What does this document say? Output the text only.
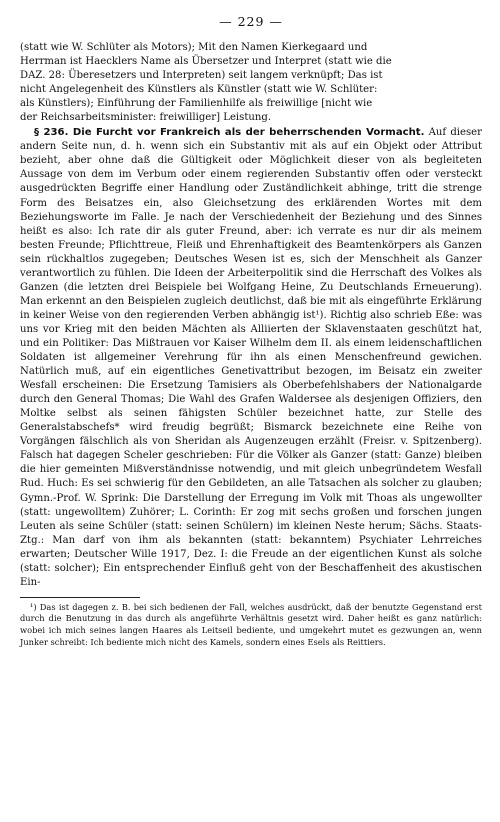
— 229 —

(statt wie W. Schlüter als Motors); Mit den Namen Kierkegaard und

Herrman ist Haecklers Name als Übersetzer und Interpret (statt wie die

DAZ. 28: Überesetzers und Interpreten) seit langem verknüpft; Das ist

nicht Angelegenheit des Künstlers als Künstler (statt wie W. Schlüter:

als Künstlers); Einführung der Familienhilfe als freiwillige [nicht wie

der Reichsarbeitsminister: freiwilliger] Leistung.

§ 236. Die Furcht vor Frankreich als der beherrschenden Vormacht. Auf dieser andern Seite nun, d. h. wenn sich ein Substantiv mit als auf ein Objekt oder Attribut bezieht, aber ohne daß die Gültigkeit oder Möglichkeit dieser von als begleiteten Aussage von dem im Verbum oder einem regierenden Substantiv offen oder versteckt ausgedrückten Begriffe einer Handlung oder Zuständlichkeit abhinge, tritt die strenge Form des Beisatzes ein, also Gleichsetzung des erklärenden Wortes mit dem Beziehungsworte im Falle. Je nach der Verschiedenheit der Beziehung und des Sinnes heißt es also: Ich rate dir als guter Freund, aber: ich verrate es nur dir als meinem besten Freunde; Pflichttreue, Fleiß und Ehrenhaftigkeit des Beamtenkörpers als Ganzen sein rückhaltlos zugegeben; Deutsches Wesen ist es, sich der Menschheit als Ganzer verantwortlich zu fühlen. Die Ideen der Arbeiterpolitik sind die Herrschaft des Volkes als Ganzen (die letzten drei Beispiele bei Wolfgang Heine, Zu Deutschlands Erneuerung). Man erkennt an den Beispielen zugleich deutlichst, daß bie mit als eingeführte Erklärung in keiner Weise von den regierenden Verben abhängig ist¹). Richtig also schrieb Eße: was uns vor Krieg mit den beiden Mächten als Alliierten der Sklavenstaaten geschützt hat, und ein Politiker: Das Mißtrauen vor Kaiser Wilhelm dem II. als einem leidenschaftlichen Soldaten ist allgemeiner Verehrung für ihn als einen Menschenfreund gewichen. Natürlich muß, auf ein eigentliches Genetivattribut bezogen, im Beisatz ein zweiter Wesfall erscheinen: Die Ersetzung Tamisiers als Oberbefehlshabers der Nationalgarde durch den General Thomas; Die Wahl des Grafen Waldersee als desjenigen Offiziers, den Moltke selbst als seinen fähigsten Schüler bezeichnet hatte, zur Stelle des Generalstabschefs* wird freudig begrüßt; Bismarck bezeichnete eine Reihe von Vorgängen fälschlich als von Sheridan als Augenzeugen erzählt (Freisr. v. Spitzenberg). Falsch hat dagegen Scheler geschrieben: Für die Völker als Ganzer (statt: Ganze) bleiben die hier gemeinten Mißverständnisse notwendig, und mit gleich unbegründetem Wesfall Rud. Huch: Es sei schwierig für den Gebildeten, an alle Tatsachen als solcher zu glauben; Gymn.-Prof. W. Sprink: Die Darstellung der Erregung im Volk mit Thoas als ungewollter (statt: ungewolltem) Zuhörer; L. Corinth: Er zog mit sechs großen und forschen jungen Leuten als seine Schüler (statt: seinen Schülern) im kleinen Neste herum; Sächs. Staats-Ztg.: Man darf von ihm als bekannten (statt: bekanntem) Psychiater Lehrreiches erwarten; Deutscher Wille 1917, Dez. I: die Freude an der eigentlichen Kunst als solche (statt: solcher); Ein entsprechender Einfluß geht von der Beschaffenheit des akustischen Ein-

¹) Das ist dagegen z. B. bei sich bedienen der Fall, welches ausdrückt, daß der benutzte Gegenstand erst durch die Benutzung in das durch als angeführte Verhältnis gesetzt wird. Daher heißt es ganz natürlich: wobei ich mich seines langen Haares als Leitseil bediente, und umgekehrt mutet es gezwungen an, wenn Junker schreibt: Ich bediente mich nicht des Kamels, sondern eines Esels als Reittiers.
